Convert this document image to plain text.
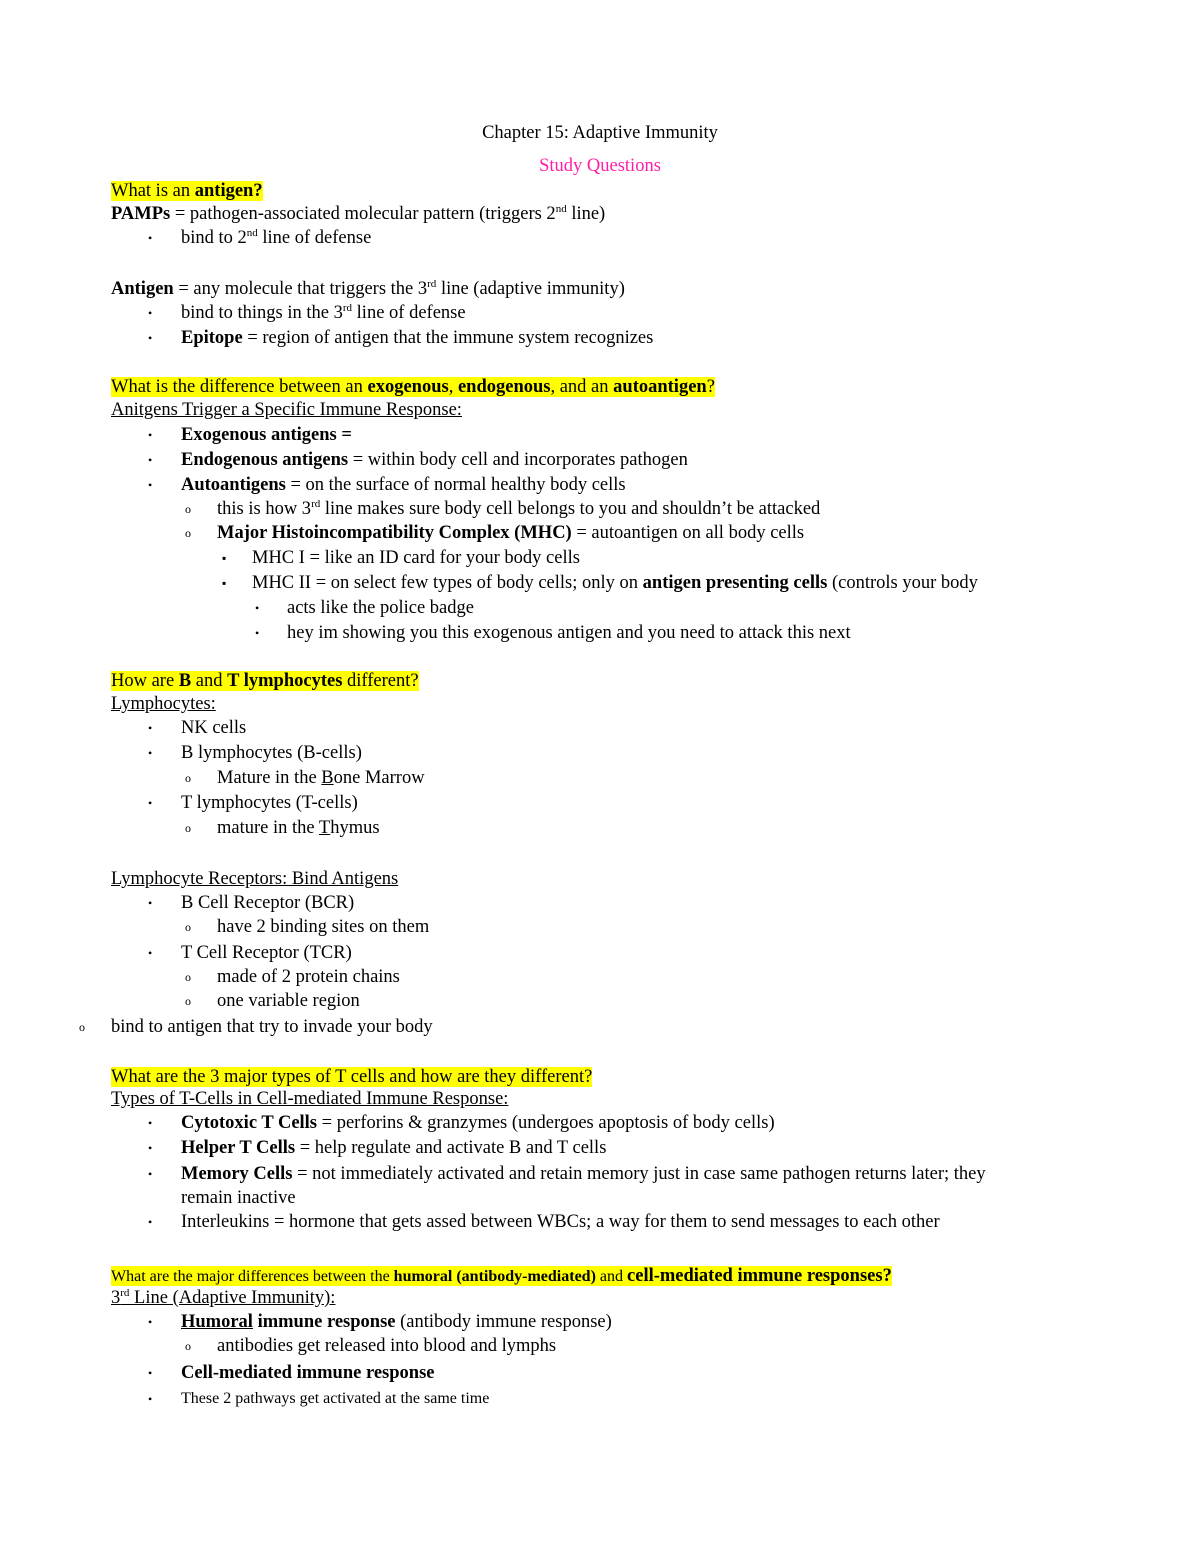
Chapter 15: Adaptive Immunity
Study Questions
What is an antigen?
PAMPs = pathogen-associated molecular pattern (triggers 2nd line)
• bind to 2nd line of defense
Antigen = any molecule that triggers the 3rd line (adaptive immunity)
• bind to things in the 3rd line of defense
• Epitope = region of antigen that the immune system recognizes
What is the difference between an exogenous, endogenous, and an autoantigen?
Anitgens Trigger a Specific Immune Response:
• Exogenous antigens =
• Endogenous antigens = within body cell and incorporates pathogen
• Autoantigens = on the surface of normal healthy body cells
o this is how 3rd line makes sure body cell belongs to you and shouldn’t be attacked
o Major Histoincompatibility Complex (MHC) = autoantigen on all body cells
▪ MHC I = like an ID card for your body cells
▪ MHC II = on select few types of body cells; only on antigen presenting cells (controls your body
• acts like the police badge
• hey im showing you this exogenous antigen and you need to attack this next
How are B and T lymphocytes different?
Lymphocytes:
• NK cells
• B lymphocytes (B-cells)
o Mature in the Bone Marrow
• T lymphocytes (T-cells)
o mature in the Thymus
Lymphocyte Receptors: Bind Antigens
• B Cell Receptor (BCR)
o have 2 binding sites on them
• T Cell Receptor (TCR)
o made of 2 protein chains
o one variable region
o bind to antigen that try to invade your body
What are the 3 major types of T cells and how are they different?
Types of T-Cells in Cell-mediated Immune Response:
• Cytotoxic T Cells = perforins & granzymes (undergoes apoptosis of body cells)
• Helper T Cells = help regulate and activate B and T cells
• Memory Cells = not immediately activated and retain memory just in case same pathogen returns later; they
remain inactive
• Interleukins = hormone that gets assed between WBCs; a way for them to send messages to each other
What are the major differences between the humoral (antibody-mediated) and cell-mediated immune responses?
3rd Line (Adaptive Immunity):
• Humoral immune response (antibody immune response)
o antibodies get released into blood and lymphs
• Cell-mediated immune response
• These 2 pathways get activated at the same time
